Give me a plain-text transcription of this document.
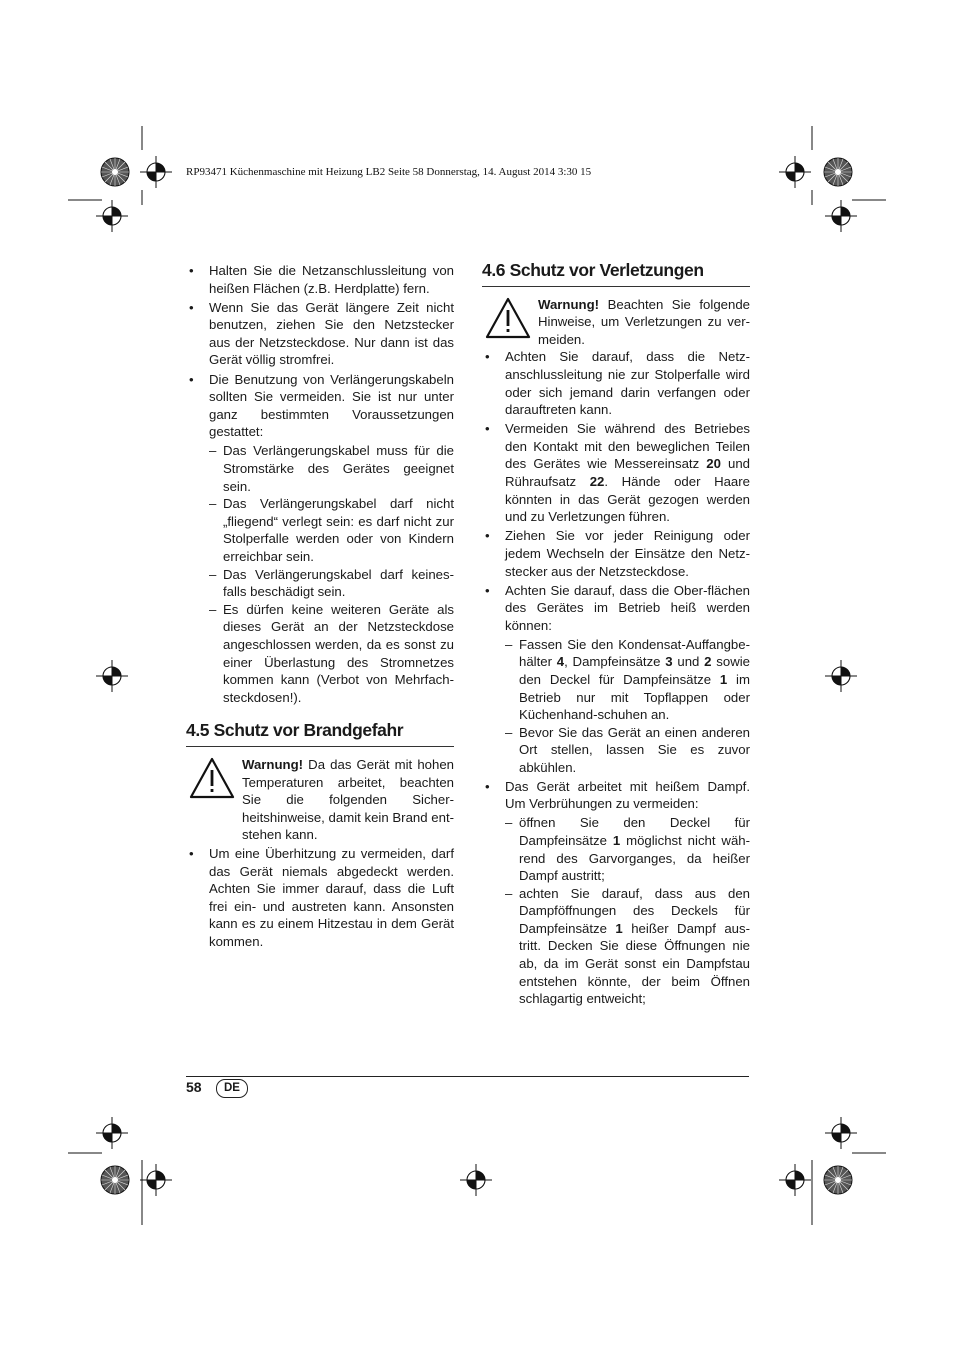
RP93471 Küchenmaschine mit Heizung LB2 Seite 58 Donnerstag, 14. August 2014 3:30 15
• Halten Sie die Netzanschlussleitung von heißen Flächen (z.B. Herdplatte) fern.
• Wenn Sie das Gerät längere Zeit nicht benutzen, ziehen Sie den Netzstecker aus der Netzsteckdose. Nur dann ist das Gerät völlig stromfrei.
• Die Benutzung von Verlängerungskabeln sollten Sie vermeiden. Sie ist nur unter ganz bestimmten Voraussetzungen gestattet:
– Das Verlängerungskabel muss für die Stromstärke des Gerätes geeignet sein.
– Das Verlängerungskabel darf nicht „fliegend“ verlegt sein: es darf nicht zur Stolperfalle werden oder von Kindern erreichbar sein.
– Das Verlängerungskabel darf keines-falls beschädigt sein.
– Es dürfen keine weiteren Geräte als dieses Gerät an der Netzsteckdose angeschlossen werden, da es sonst zu einer Überlastung des Stromnetzes kommen kann (Verbot von Mehrfach-steckdosen!).
4.5 Schutz vor Brandgefahr
Warnung! Da das Gerät mit hohen Temperaturen arbeitet, beachten Sie die folgenden Sicher-heitshinweise, damit kein Brand ent-stehen kann.
• Um eine Überhitzung zu vermeiden, darf das Gerät niemals abgedeckt werden. Achten Sie immer darauf, dass die Luft frei ein- und austreten kann. Ansonsten kann es zu einem Hitzestau in dem Gerät kommen.
4.6 Schutz vor Verletzungen
Warnung! Beachten Sie folgende Hinweise, um Verletzungen zu ver-meiden.
• Achten Sie darauf, dass die Netz-anschlussleitung nie zur Stolperfalle wird oder sich jemand darin verfangen oder darauftreten kann.
• Vermeiden Sie während des Betriebes den Kontakt mit den beweglichen Teilen des Gerätes wie Messereinsatz 20 und Rühraufsatz 22. Hände oder Haare könnten in das Gerät gezogen werden und zu Verletzungen führen.
• Ziehen Sie vor jeder Reinigung oder jedem Wechseln der Einsätze den Netz-stecker aus der Netzsteckdose.
• Achten Sie darauf, dass die Ober-flächen des Gerätes im Betrieb heiß werden können:
– Fassen Sie den Kondensat-Auffangbe-hälter 4, Dampfeinsätze 3 und 2 sowie den Deckel für Dampfeinsätze 1 im Betrieb nur mit Topflappen oder Küchenhand-schuhen an.
– Bevor Sie das Gerät an einen anderen Ort stellen, lassen Sie es zuvor abkühlen.
• Das Gerät arbeitet mit heißem Dampf. Um Verbrühungen zu vermeiden:
– öffnen Sie den Deckel für Dampfeinsätze 1 möglichst nicht wäh-rend des Garvorganges, da heißer Dampf austritt;
– achten Sie darauf, dass aus den Dampföffnungen des Deckels für Dampfeinsätze 1 heißer Dampf aus-tritt. Decken Sie diese Öffnungen nie ab, da im Gerät sonst ein Dampfstau entstehen könnte, der beim Öffnen schlagartig entweicht;
58	DE
